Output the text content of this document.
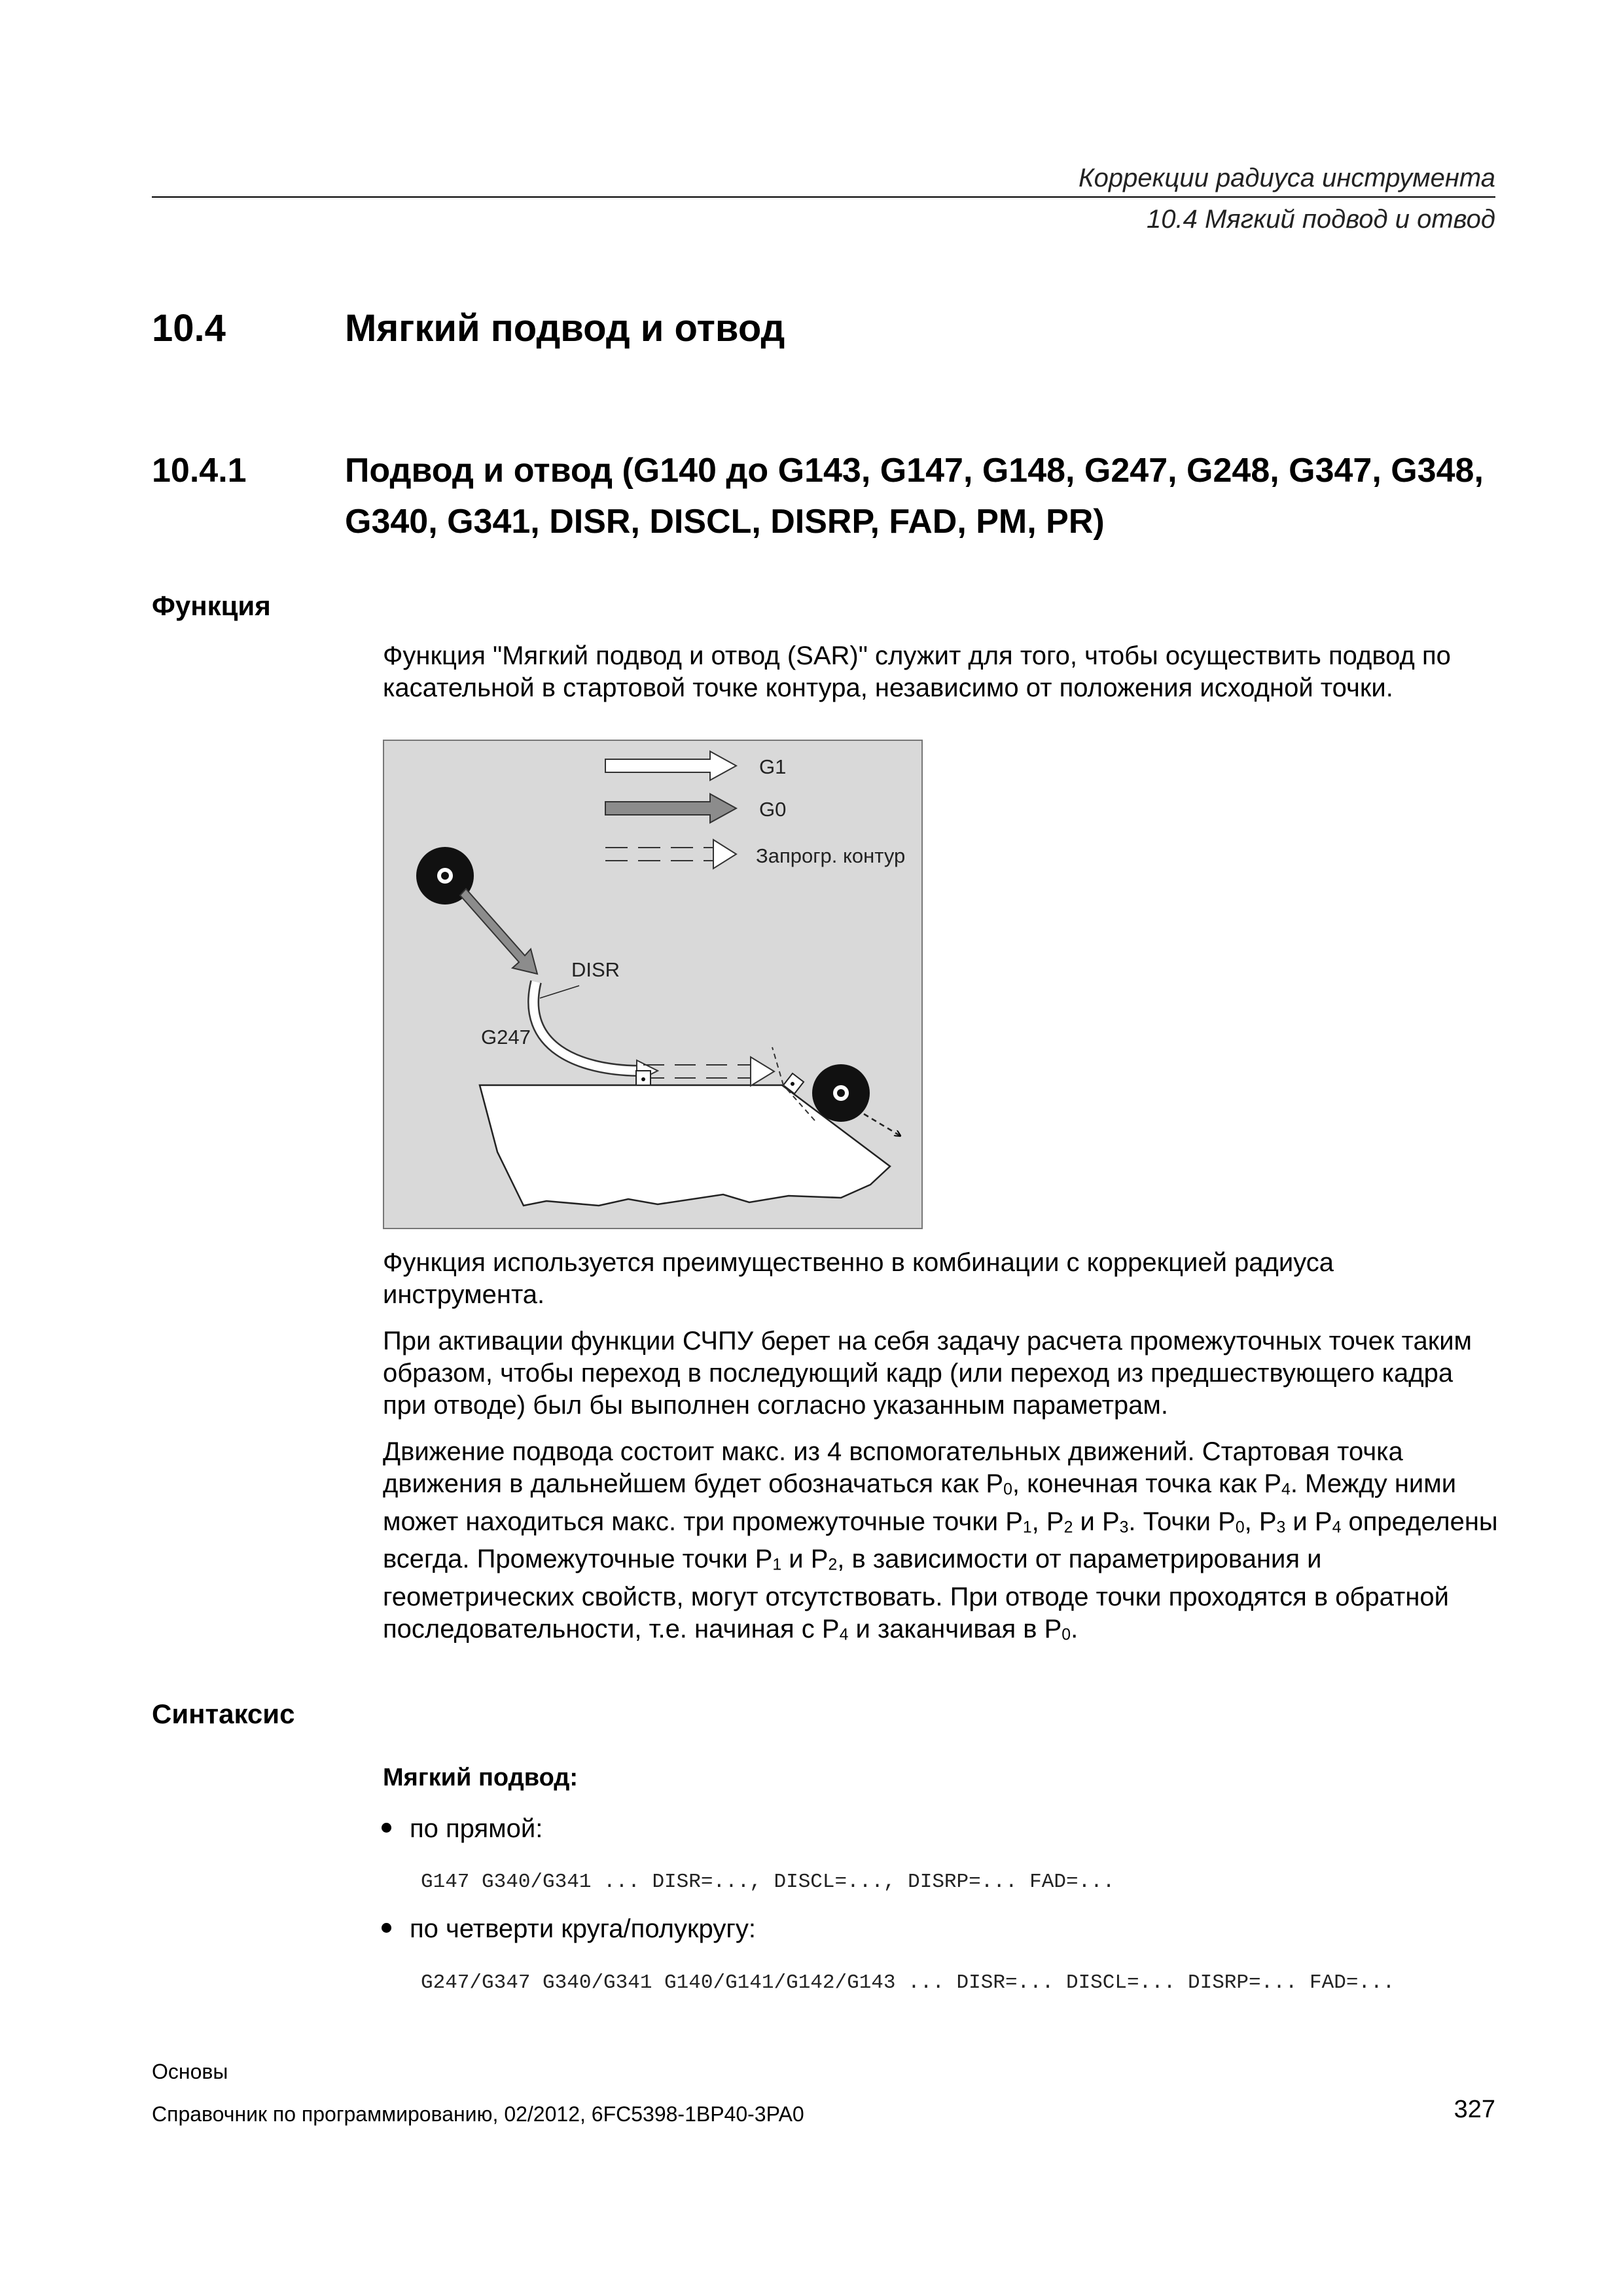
Коррекции радиуса инструмента
10.4 Мягкий подвод и отвод
10.4	Мягкий подвод и отвод
10.4.1	Подвод и отвод (G140 до G143, G147, G148, G247, G248, G347, G348,
G340, G341, DISR, DISCL, DISRP, FAD, PM, PR)
Функция

Функция "Мягкий подвод и отвод (SAR)" служит для того, чтобы осуществить подвод по касательной в стартовой точке контура, независимо от положения исходной точки.

G1
G0
Запрогр. контур
DISR
G247

Функция используется преимущественно в комбинации с коррекцией радиуса инструмента.

При активации функции СЧПУ берет на себя задачу расчета промежуточных точек таким образом, чтобы переход в последующий кадр (или переход из предшествующего кадра при отводе) был бы выполнен согласно указанным параметрам.

Движение подвода состоит макс. из 4 вспомогательных движений. Стартовая точка движения в дальнейшем будет обозначаться как $P_0$, конечная точка как $P_4$. Между ними может находиться макс. три промежуточные точки $P_1$, $P_2$ и $P_3$. Точки $P_0$, $P_3$ и $P_4$ определены всегда. Промежуточные точки $P_1$ и $P_2$, в зависимости от параметрирования и геометрических свойств, могут отсутствовать. При отводе точки проходятся в обратной последовательности, т.е. начиная с $P_4$ и заканчивая в $P_0$.

Синтаксис
Мягкий подвод:
по прямой:
G147 G340/G341 ... DISR=..., DISCL=..., DISRP=... FAD=...
по четверти круга/полукругу:
G247/G347 G340/G341 G140/G141/G142/G143 ... DISR=... DISCL=... DISRP=... FAD=...
Основы
Справочник по программированию, 02/2012, 6FC5398-1BP40-3PA0	327
